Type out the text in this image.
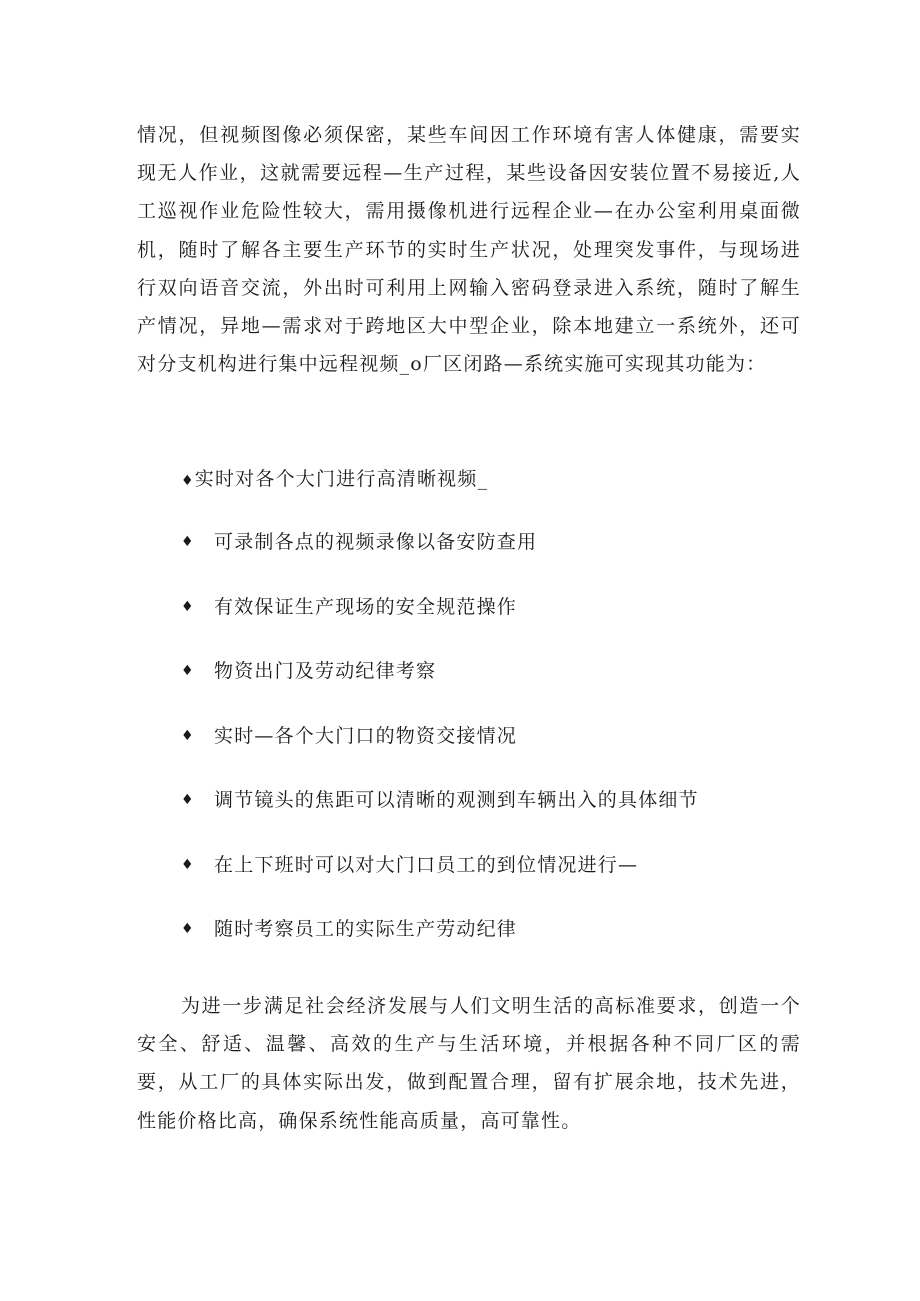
情况，但视频图像必须保密，某些车间因工作环境有害人体健康，需要实现无人作业，这就需要远程—生产过程，某些设备因安装位置不易接近,人工巡视作业危险性较大，需用摄像机进行远程企业—在办公室利用桌面微机，随时了解各主要生产环节的实时生产状况，处理突发事件，与现场进行双向语音交流，外出时可利用上网输入密码登录进入系统，随时了解生产情况，异地—需求对于跨地区大中型企业，除本地建立一系统外，还可对分支机构进行集中远程视频_o厂区闭路—系统实施可实现其功能为：

♦实时对各个大门进行高清晰视频_
♦	可录制各点的视频录像以备安防查用
♦	有效保证生产现场的安全规范操作
♦	物资出门及劳动纪律考察
♦	实时—各个大门口的物资交接情况
♦	调节镜头的焦距可以清晰的观测到车辆出入的具体细节
♦	在上下班时可以对大门口员工的到位情况进行—
♦	随时考察员工的实际生产劳动纪律

为进一步满足社会经济发展与人们文明生活的高标准要求，创造一个安全、舒适、温馨、高效的生产与生活环境，并根据各种不同厂区的需要，从工厂的具体实际出发，做到配置合理，留有扩展余地，技术先进，性能价格比高，确保系统性能高质量，高可靠性。
